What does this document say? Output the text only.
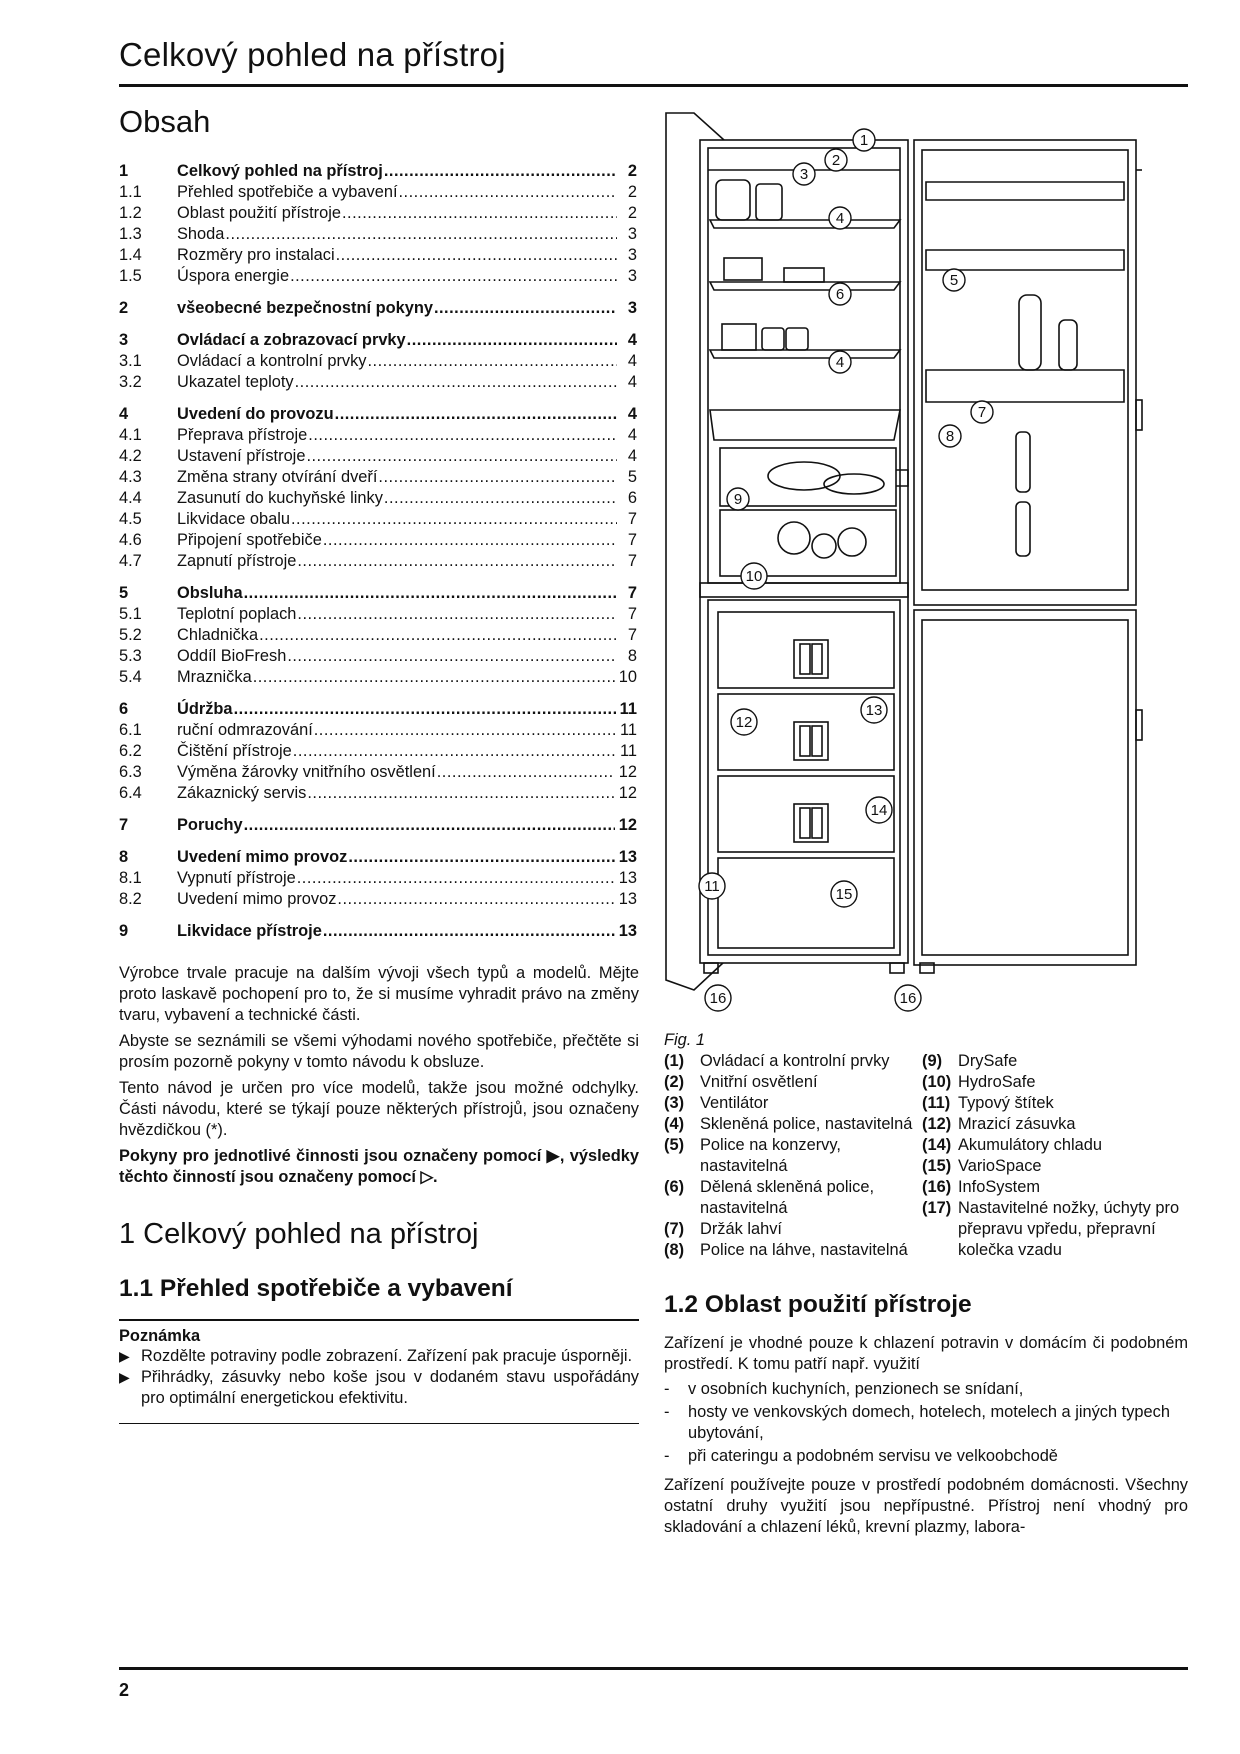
Celkový pohled na přístroj
Obsah
1	Celkový pohled na přístroj .....	2
1.1	Přehled spotřebiče a vybavení .....	2
1.2	Oblast použití přístroje .....	2
1.3	Shoda .....	3
1.4	Rozměry pro instalaci .....	3
1.5	Úspora energie .....	3
2	všeobecné bezpečnostní pokyny .....	3
3	Ovládací a zobrazovací prvky .....	4
3.1	Ovládací a kontrolní prvky .....	4
3.2	Ukazatel teploty .....	4
4	Uvedení do provozu .....	4
4.1	Přeprava přístroje .....	4
4.2	Ustavení přístroje .....	4
4.3	Změna strany otvírání dveří .....	5
4.4	Zasunutí do kuchyňské linky .....	6
4.5	Likvidace obalu .....	7
4.6	Připojení spotřebiče .....	7
4.7	Zapnutí přístroje .....	7
5	Obsluha .....	7
5.1	Teplotní poplach .....	7
5.2	Chladnička .....	7
5.3	Oddíl BioFresh .....	8
5.4	Mraznička .....	10
6	Údržba .....	11
6.1	ruční odmrazování .....	11
6.2	Čištění přístroje .....	11
6.3	Výměna žárovky vnitřního osvětlení .....	12
6.4	Zákaznický servis .....	12
7	Poruchy .....	12
8	Uvedení mimo provoz .....	13
8.1	Vypnutí přístroje .....	13
8.2	Uvedení mimo provoz .....	13
9	Likvidace přístroje .....	13

Výrobce trvale pracuje na dalším vývoji všech typů a modelů. Mějte proto laskavě pochopení pro to, že si musíme vyhradit právo na změny tvaru, vybavení a technické části.

Abyste se seznámili se všemi výhodami nového spotřebiče, přečtěte si prosím pozorně pokyny v tomto návodu k obsluze.

Tento návod je určen pro více modelů, takže jsou možné odchylky. Části návodu, které se týkají pouze některých přístrojů, jsou označeny hvězdičkou (*).

Pokyny pro jednotlivé činnosti jsou označeny pomocí ▶, výsledky těchto činností jsou označeny pomocí ▷.

1 Celkový pohled na přístroj
1.1 Přehled spotřebiče a vybavení
Poznámka
▶ Rozdělte potraviny podle zobrazení. Zařízení pak pracuje úsporněji.
▶ Přihrádky, zásuvky nebo koše jsou v dodaném stavu uspořádány pro optimální energetickou efektivitu.
1
2
3
4
6
4
5
7
8
9
10
12
13
14
11	15
16	16
Fig. 1
(1) Ovládací a kontrolní prvky
(2) Vnitřní osvětlení
(3) Ventilátor
(4) Skleněná police, nastavitelná
(5) Police na konzervy, nastavitelná
(6) Dělená skleněná police, nastavitelná
(7) Držák lahví
(8) Police na láhve, nastavitelná
(9) DrySafe
(10) HydroSafe
(11) Typový štítek
(12) Mrazicí zásuvka
(14) Akumulátory chladu
(15) VarioSpace
(16) InfoSystem
(17) Nastavitelné nožky, úchyty pro přepravu vpředu, přepravní kolečka vzadu
1.2 Oblast použití přístroje

Zařízení je vhodné pouze k chlazení potravin v domácím či podobném prostředí. K tomu patří např. využití

-	v osobních kuchyních, penzionech se snídaní,
-	hosty ve venkovských domech, hotelech, motelech a jiných typech ubytování,
-	při cateringu a podobném servisu ve velkoobchodě

Zařízení používejte pouze v prostředí podobném domácnosti. Všechny ostatní druhy využití jsou nepřípustné. Přístroj není vhodný pro skladování a chlazení léků, krevní plazmy, labora-

2
